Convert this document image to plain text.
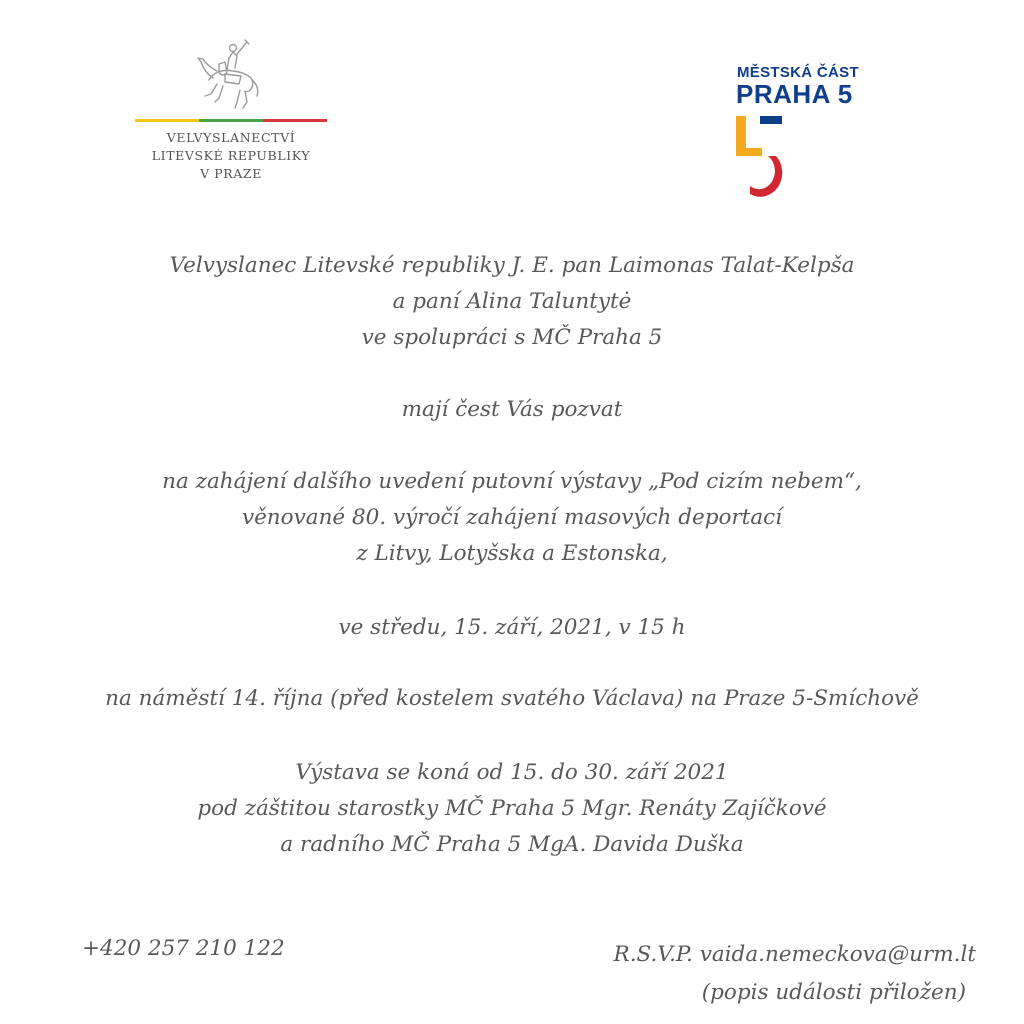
VELVYSLANECTVÍ
LITEVSKÉ REPUBLIKY
V PRAZE
MĚSTSKÁ ČÁST
PRAHA 5
Velvyslanec Litevské republiky J. E. pan Laimonas Talat-Kelpša
a paní Alina Taluntytė
ve spolupráci s MČ Praha 5
mají čest Vás pozvat
na zahájení dalšího uvedení putovní výstavy „Pod cizím nebem“,
věnované 80. výročí zahájení masových deportací
z Litvy, Lotyšska a Estonska,
ve středu, 15. září, 2021, v 15 h
na náměstí 14. října (před kostelem svatého Václava) na Praze 5-Smíchově
Výstava se koná od 15. do 30. září 2021
pod záštitou starostky MČ Praha 5 Mgr. Renáty Zajíčkové
a radního MČ Praha 5 MgA. Davida Duška
+420 257 210 122	R.S.V.P. vaida.nemeckova@urm.lt
(popis události přiložen)
